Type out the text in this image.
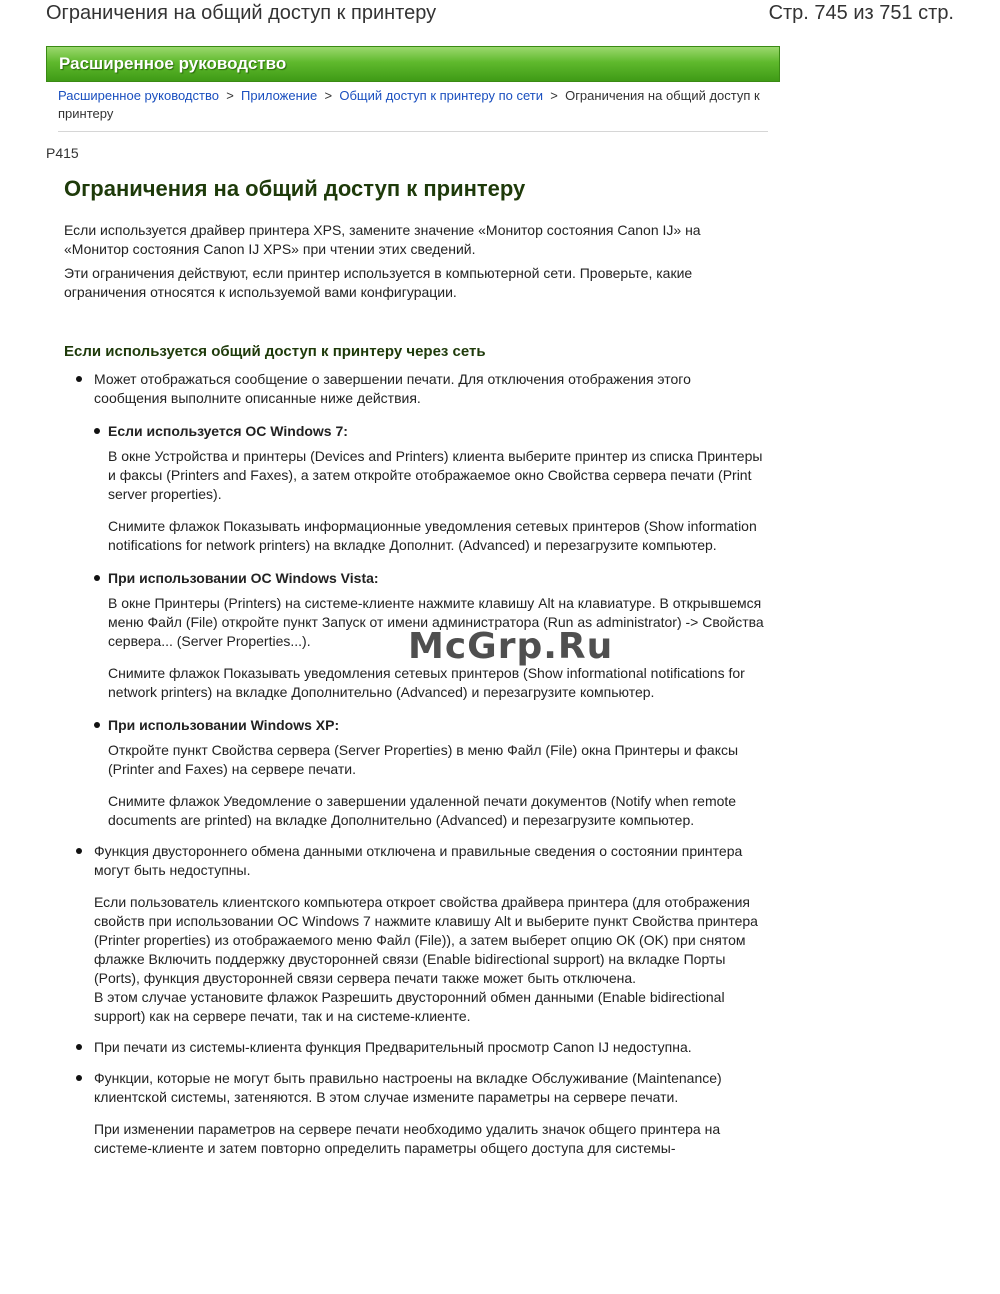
Ограничения на общий доступ к принтеру	Стр. 745 из 751 стр.
Расширенное руководство
Расширенное руководство > Приложение > Общий доступ к принтеру по сети > Ограничения на общий доступ к принтеру
P415
Ограничения на общий доступ к принтеру

Если используется драйвер принтера XPS, замените значение «Монитор состояния Canon IJ» на «Монитор состояния Canon IJ XPS» при чтении этих сведений.

Эти ограничения действуют, если принтер используется в компьютерной сети. Проверьте, какие ограничения относятся к используемой вами конфигурации.

Если используется общий доступ к принтеру через сеть
Может отображаться сообщение о завершении печати. Для отключения отображения этого сообщения выполните описанные ниже действия.
Если используется ОС Windows 7:

В окне Устройства и принтеры (Devices and Printers) клиента выберите принтер из списка Принтеры и факсы (Printers and Faxes), а затем откройте отображаемое окно Свойства сервера печати (Print server properties).

Снимите флажок Показывать информационные уведомления сетевых принтеров (Show information notifications for network printers) на вкладке Дополнит. (Advanced) и перезагрузите компьютер.

При использовании ОС Windows Vista:

В окне Принтеры (Printers) на системе-клиенте нажмите клавишу Alt на клавиатуре. В открывшемся меню Файл (File) откройте пункт Запуск от имени администратора (Run as administrator) -> Свойства сервера... (Server Properties...).

Снимите флажок Показывать уведомления сетевых принтеров (Show informational notifications for network printers) на вкладке Дополнительно (Advanced) и перезагрузите компьютер.

При использовании Windows XP:

Откройте пункт Свойства сервера (Server Properties) в меню Файл (File) окна Принтеры и факсы (Printer and Faxes) на сервере печати.

Снимите флажок Уведомление о завершении удаленной печати документов (Notify when remote documents are printed) на вкладке Дополнительно (Advanced) и перезагрузите компьютер.

Функция двустороннего обмена данными отключена и правильные сведения о состоянии принтера могут быть недоступны.

Если пользователь клиентского компьютера откроет свойства драйвера принтера (для отображения свойств при использовании ОС Windows 7 нажмите клавишу Alt и выберите пункт Свойства принтера (Printer properties) из отображаемого меню Файл (File)), а затем выберет опцию ОК (OK) при снятом флажке Включить поддержку двусторонней связи (Enable bidirectional support) на вкладке Порты (Ports), функция двусторонней связи сервера печати также может быть отключена.

В этом случае установите флажок Разрешить двусторонний обмен данными (Enable bidirectional support) как на сервере печати, так и на системе-клиенте.

При печати из системы-клиента функция Предварительный просмотр Canon IJ недоступна.
Функции, которые не могут быть правильно настроены на вкладке Обслуживание (Maintenance) клиентской системы, затеняются. В этом случае измените параметры на сервере печати.

При изменении параметров на сервере печати необходимо удалить значок общего принтера на системе-клиенте и затем повторно определить параметры общего доступа для системы-

McGrp.Ru
